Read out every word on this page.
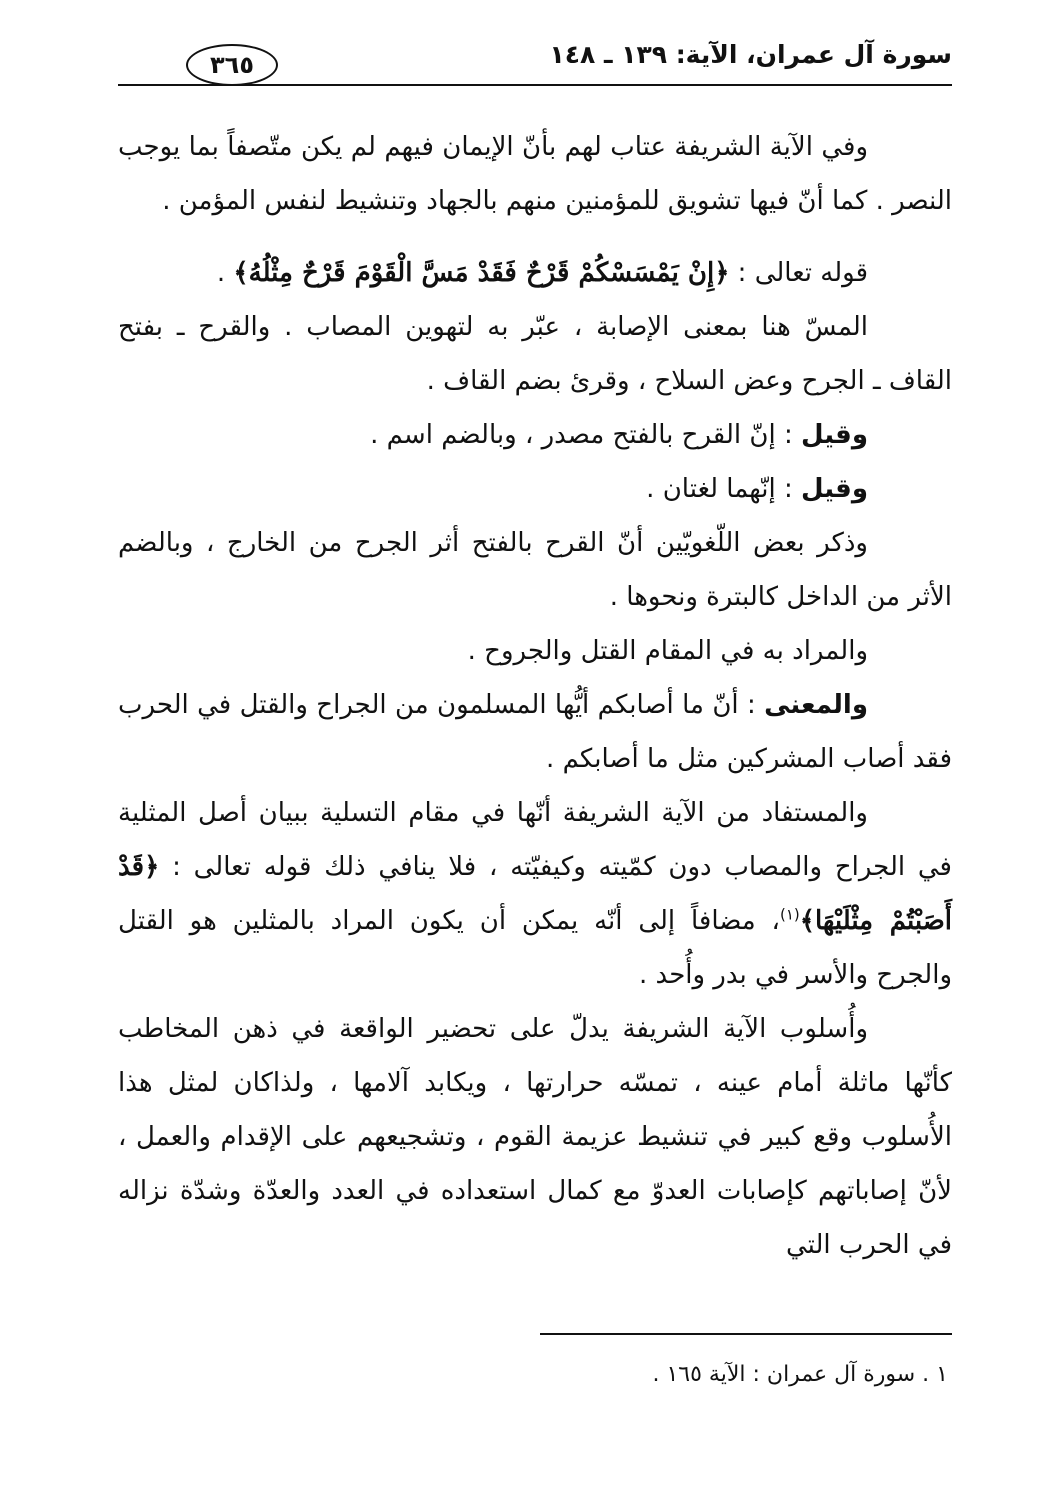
سورة آل عمران، الآية: ١٣٩ ـ ١٤٨
٣٦٥

وفي الآية الشريفة عتاب لهم بأنّ الإيمان فيهم لم يكن متّصفاً بما يوجب النصر . كما أنّ فيها تشويق للمؤمنين منهم بالجهاد وتنشيط لنفس المؤمن .

قوله تعالى : ﴿إِنْ يَمْسَسْكُمْ قَرْحٌ فَقَدْ مَسَّ الْقَوْمَ قَرْحٌ مِثْلُهُ﴾ .

المسّ هنا بمعنى الإصابة ، عبّر به لتهوين المصاب . والقرح ـ بفتح القاف ـ الجرح وعض السلاح ، وقرئ بضم القاف .

وقيل : إنّ القرح بالفتح مصدر ، وبالضم اسم .

وقيل : إنّهما لغتان .

وذكر بعض اللّغويّين أنّ القرح بالفتح أثر الجرح من الخارج ، وبالضم الأثر من الداخل كالبترة ونحوها .

والمراد به في المقام القتل والجروح .

والمعنى : أنّ ما أصابكم أيُّها المسلمون من الجراح والقتل في الحرب فقد أصاب المشركين مثل ما أصابكم .

والمستفاد من الآية الشريفة أنّها في مقام التسلية ببيان أصل المثلية في الجراح والمصاب دون كمّيته وكيفيّته ، فلا ينافي ذلك قوله تعالى : ﴿قَدْ أَصَبْتُمْ مِثْلَيْهَا﴾$^{(١)}$، مضافاً إلى أنّه يمكن أن يكون المراد بالمثلين هو القتل والجرح والأسر في بدر وأُحد .

وأُسلوب الآية الشريفة يدلّ على تحضير الواقعة في ذهن المخاطب كأنّها ماثلة أمام عينه ، تمسّه حرارتها ، ويكابد آلامها ، ولذاكان لمثل هذا الأُسلوب وقع كبير في تنشيط عزيمة القوم ، وتشجيعهم على الإقدام والعمل ، لأنّ إصاباتهم كإصابات العدوّ مع كمال استعداده في العدد والعدّة وشدّة نزاله في الحرب التي

١ . سورة آل عمران : الآية ١٦٥ .
